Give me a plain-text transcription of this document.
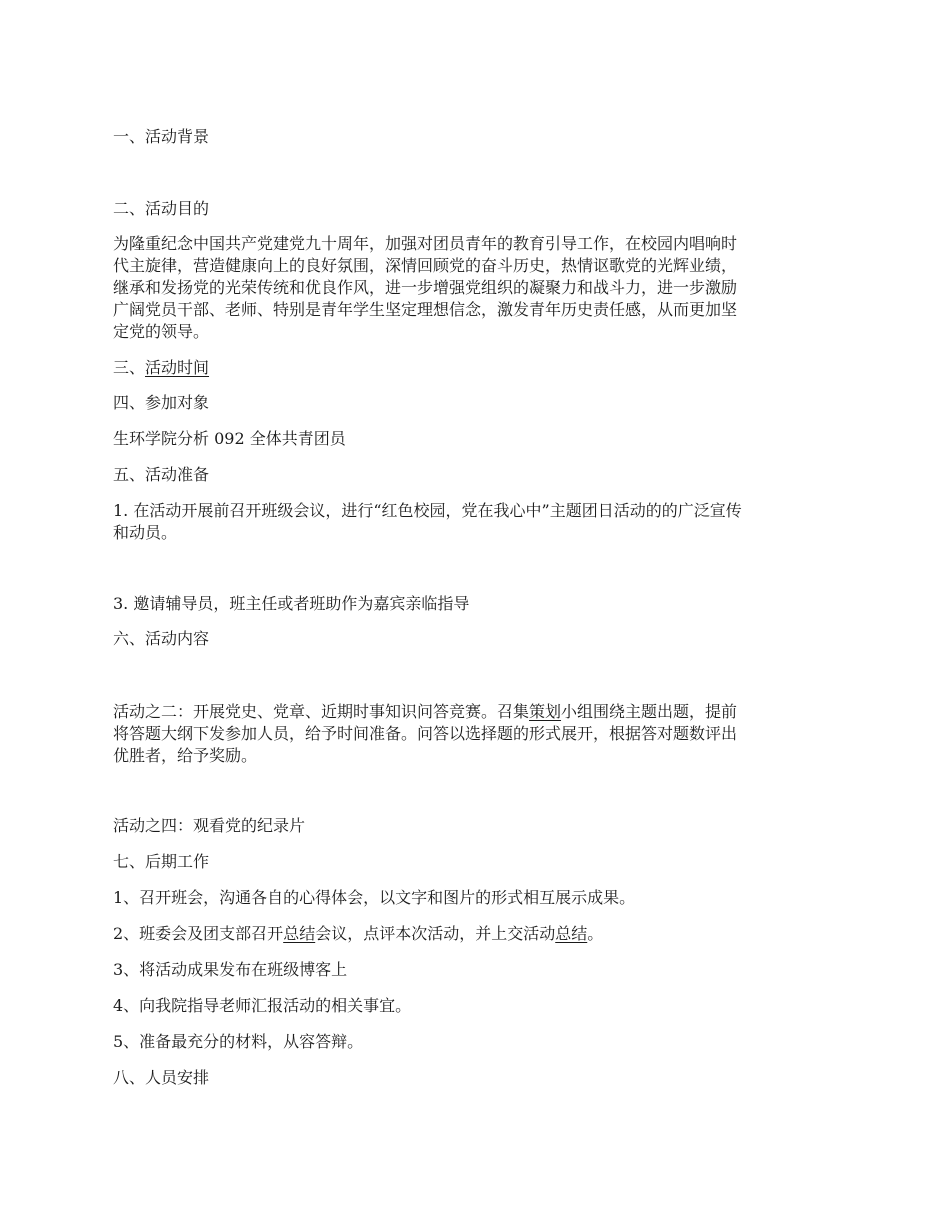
一、活动背景
二、活动目的
为隆重纪念中国共产党建党九十周年，加强对团员青年的教育引导工作，在校园内唱响时
代主旋律，营造健康向上的良好氛围，深情回顾党的奋斗历史，热情讴歌党的光辉业绩，
继承和发扬党的光荣传统和优良作风，进一步增强党组织的凝聚力和战斗力，进一步激励
广阔党员干部、老师、特别是青年学生坚定理想信念，激发青年历史责任感，从而更加坚
定党的领导。
三、活动时间
四、参加对象
生环学院分析 092 全体共青团员
五、活动准备
1. 在活动开展前召开班级会议，进行“红色校园，党在我心中”主题团日活动的的广泛宣传
和动员。
3. 邀请辅导员，班主任或者班助作为嘉宾亲临指导
六、活动内容
活动之二：开展党史、党章、近期时事知识问答竞赛。召集策划小组围绕主题出题，提前
将答题大纲下发参加人员，给予时间准备。问答以选择题的形式展开，根据答对题数评出
优胜者，给予奖励。
活动之四：观看党的纪录片
七、后期工作
1、召开班会，沟通各自的心得体会，以文字和图片的形式相互展示成果。
2、班委会及团支部召开总结会议，点评本次活动，并上交活动总结。
3、将活动成果发布在班级博客上
4、向我院指导老师汇报活动的相关事宜。
5、准备最充分的材料，从容答辩。
八、人员安排
